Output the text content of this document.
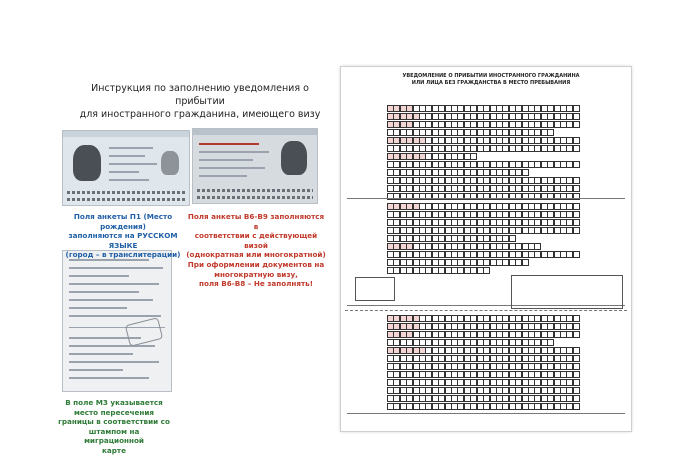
Инструкция по заполнению уведомления о прибытии
для иностранного гражданина, имеющего визу
Поля анкеты П1 (Место рождения)
заполняются на РУССКОМ ЯЗЫКЕ
(город – в транслитерации)
Поля анкеты В6-В9 заполняются в
соответствии с действующей визой
(однократная или многократной)
При оформлении документов на
многократную визу,
поля В6-В8 – Не заполнять!
В поле М3 указывается
место пересечения
границы в соответствии со
штампом на миграционной
карте
УВЕДОМЛЕНИЕ О ПРИБЫТИИ ИНОСТРАННОГО ГРАЖДАНИНА
ИЛИ ЛИЦА БЕЗ ГРАЖДАНСТВА В МЕСТО ПРЕБЫВАНИЯ
